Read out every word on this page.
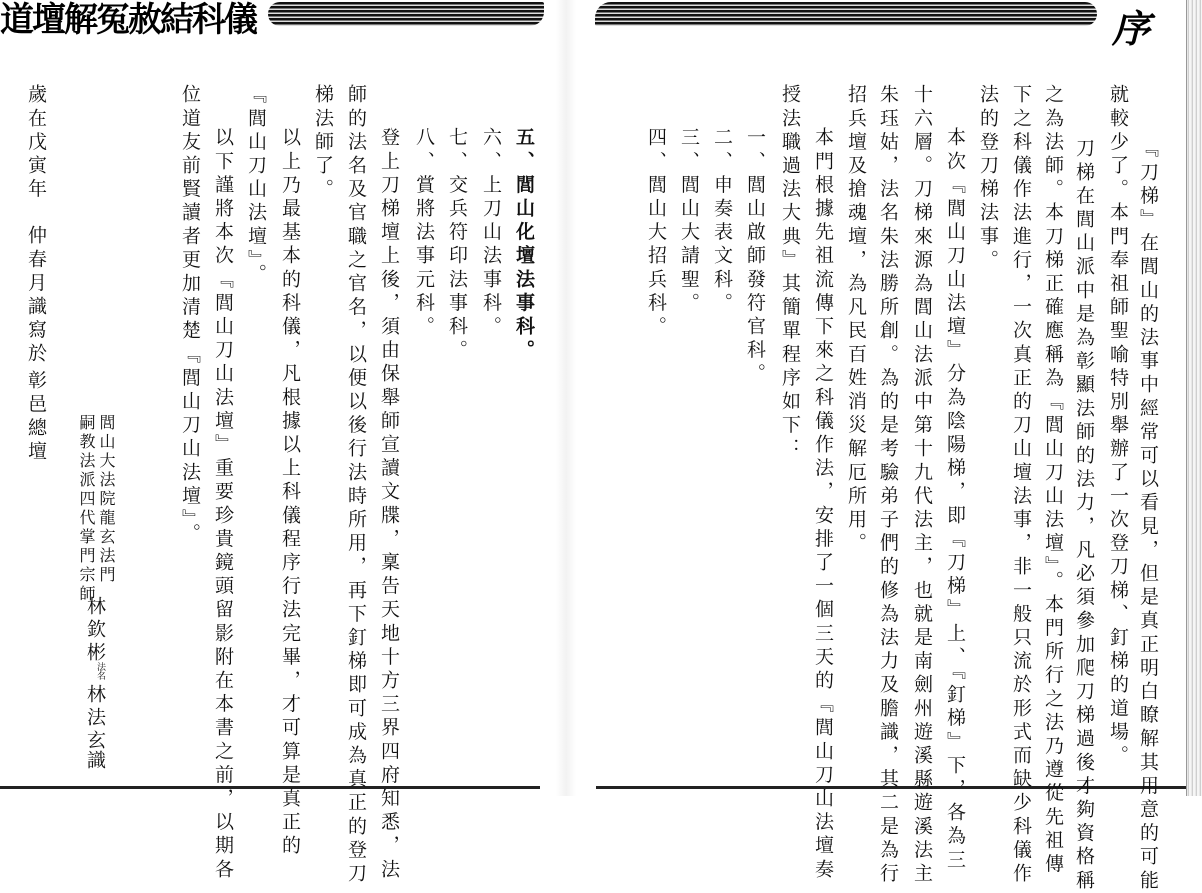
道壇解冤赦結科儀	序
『刀梯』在閭山的法事中經常可以看見，但是真正明白瞭解其用意的可能
就較少了。本門奉祖師聖喻特別舉辦了一次登刀梯、釘梯的道場。
刀梯在閭山派中是為彰顯法師的法力，凡必須參加爬刀梯過後才夠資格稱
之為法師。本刀梯正確應稱為『閭山刀山法壇』。本門所行之法乃遵從先祖傳
下之科儀作法進行，一次真正的刀山壇法事，非一般只流於形式而缺少科儀作
法的登刀梯法事。
本次『閭山刀山法壇』分為陰陽梯，即『刀梯』上、『釘梯』下，各為三
十六層。刀梯來源為閭山法派中第十九代法主，也就是南劍州遊溪縣遊溪法主
朱珏姑，法名朱法勝所創。為的是考驗弟子們的修為法力及膽識，其二是為行
招兵壇及搶魂壇，為凡民百姓消災解厄所用。
本門根據先祖流傳下來之科儀作法，安排了一個三天的『閭山刀山法壇奏
授法職過法大典』其簡單程序如下：
一、閭山啟師發符官科。
二、申奏表文科。
三、閭山大請聖。
四、閭山大招兵科。
五、閭山化壇法事科。
六、上刀山法事科。
七、交兵符印法事科。
八、賞將法事元科。
登上刀梯壇上後，須由保舉師宣讀文牒，稟告天地十方三界四府知悉，法
師的法名及官職之官名，以便以後行法時所用，再下釘梯即可成為真正的登刀
梯法師了。
以上乃最基本的科儀，凡根據以上科儀程序行法完畢，才可算是真正的
『閭山刀山法壇』。
以下謹將本次『閭山刀山法壇』重要珍貴鏡頭留影附在本書之前，以期各
位道友前賢讀者更加清楚『閭山刀山法壇』。
閭山大法院龍玄法門
嗣教法派四代掌門宗師
林欽彬
法名
林法玄
識
歲在戊寅年
仲春月識寫於
彰邑總壇
